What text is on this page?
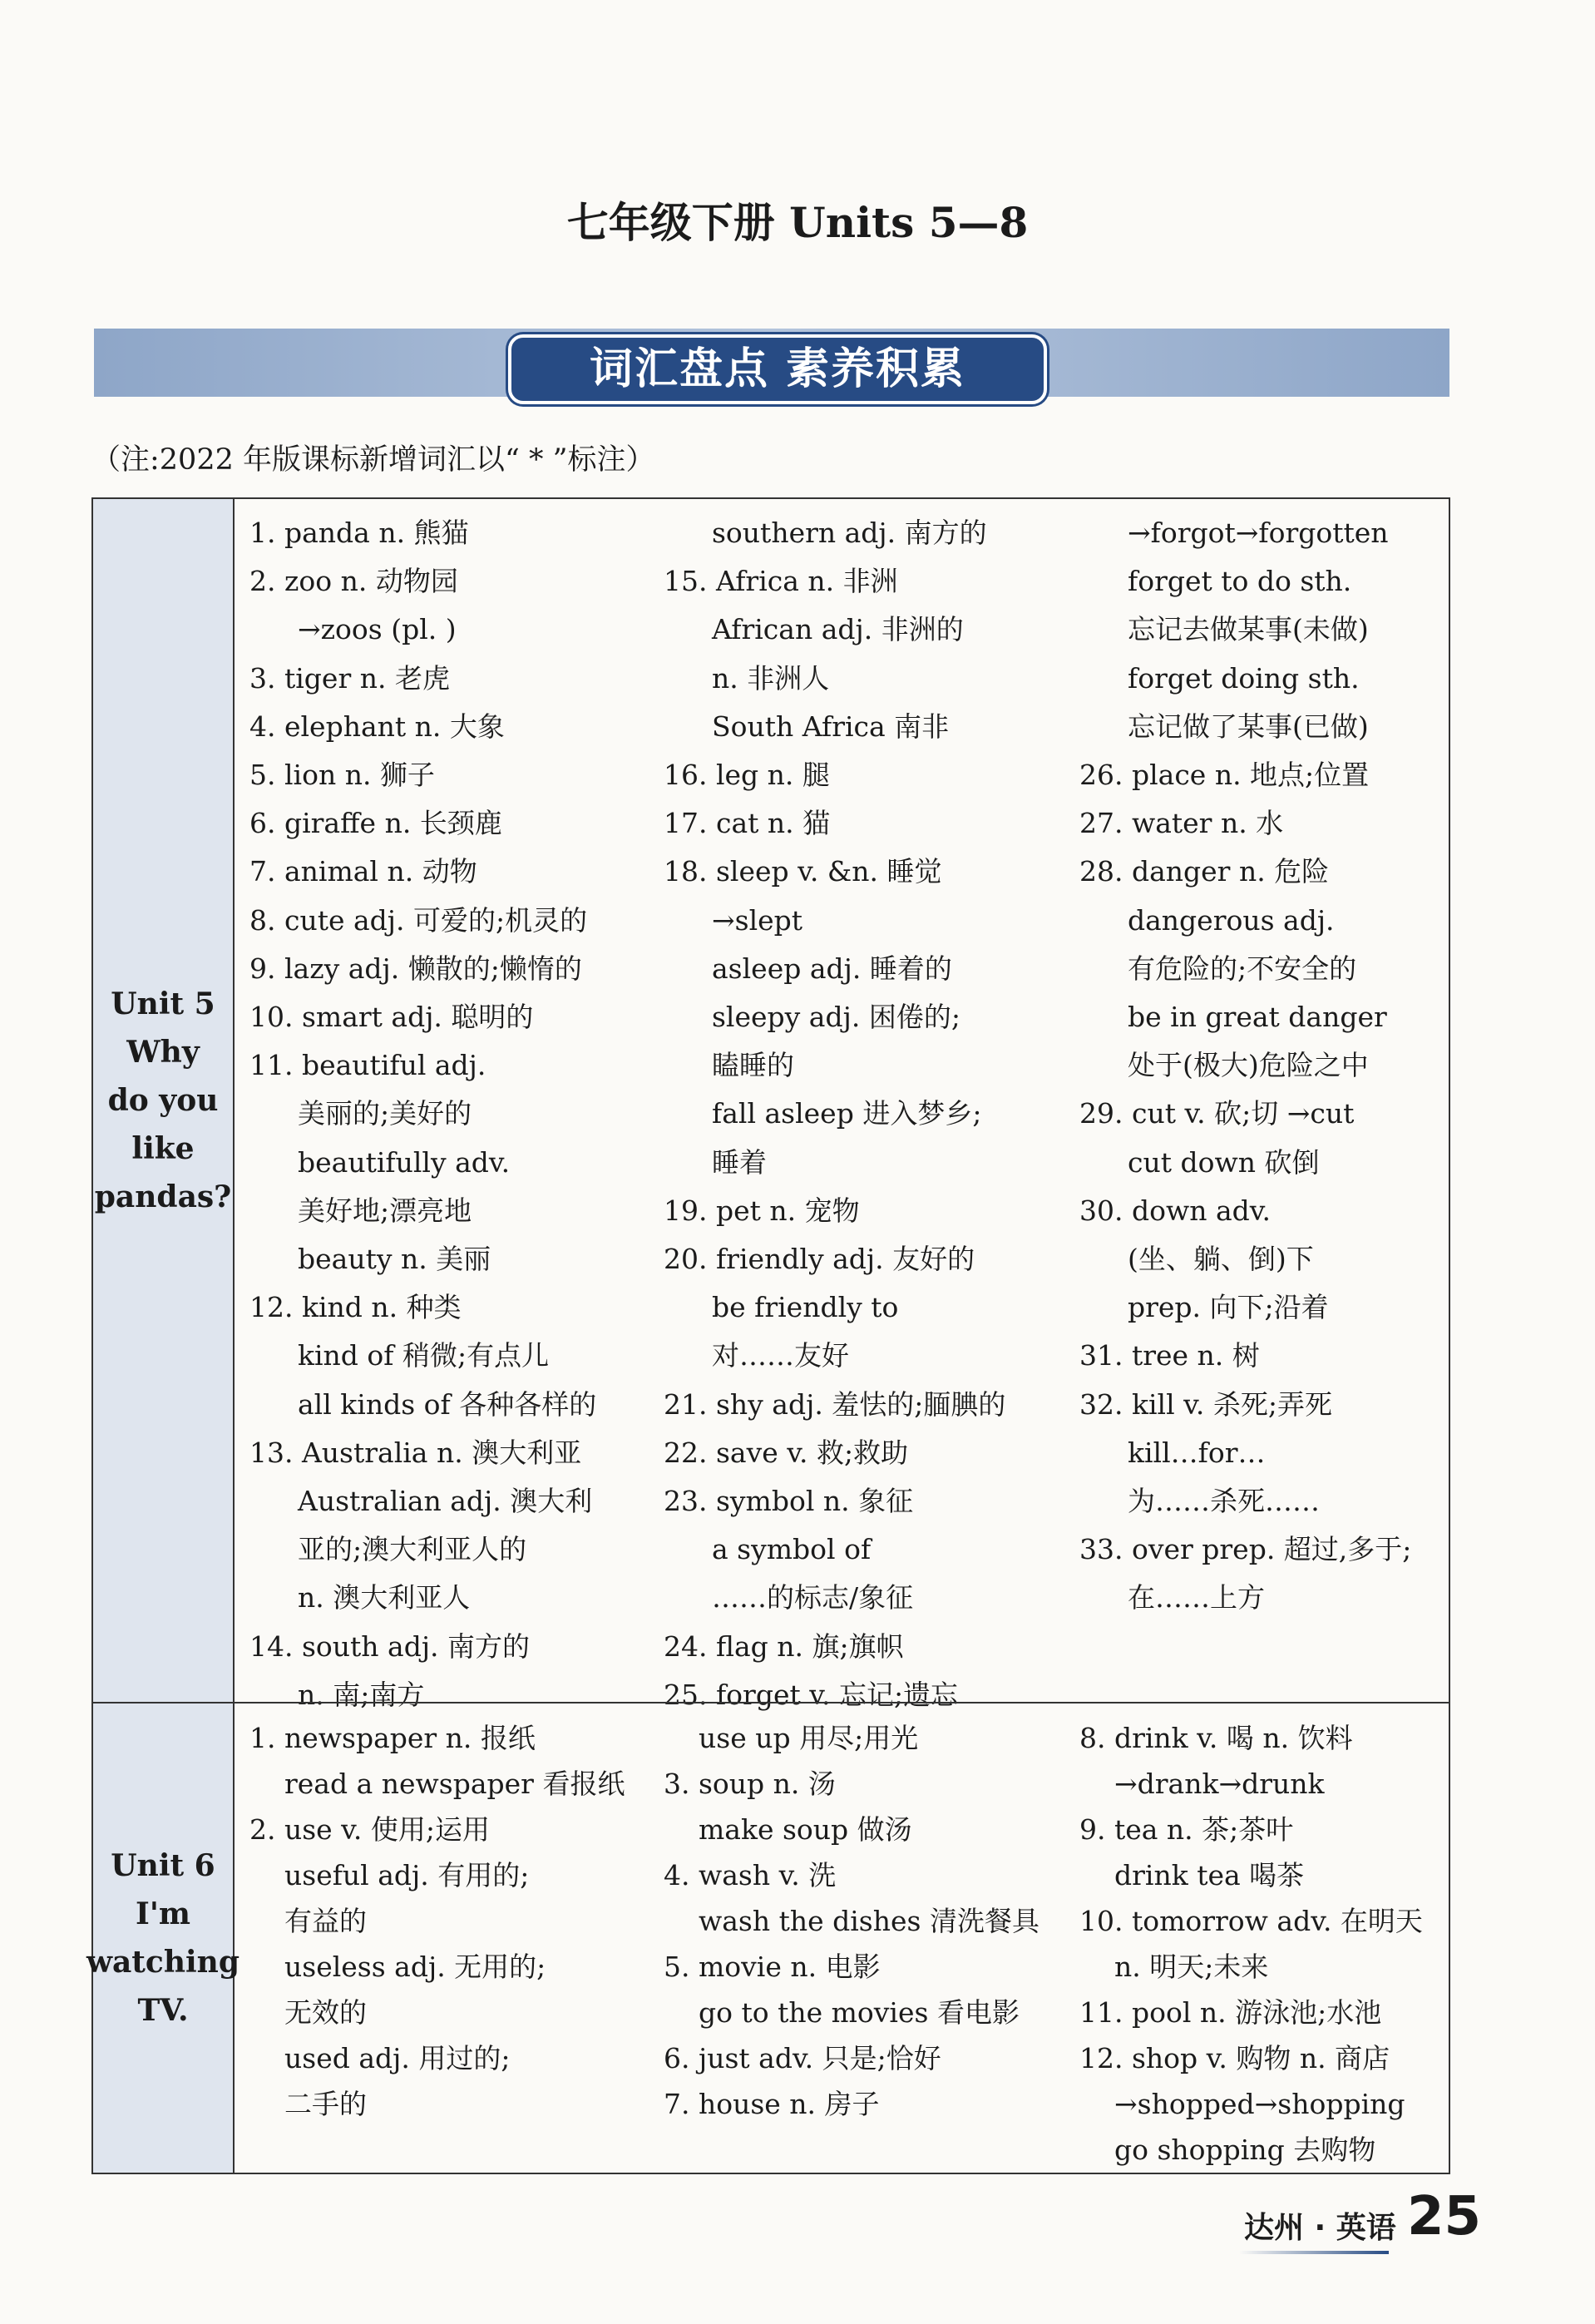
七年级下册 Units 5—8
词汇盘点 素养积累
（注:2022 年版课标新增词汇以“ * ”标注）
Unit 5
Why
do you
like
pandas?
1. panda n. 熊猫
2. zoo n. 动物园
→zoos (pl. )
3. tiger n. 老虎
4. elephant n. 大象
5. lion n. 狮子
6. giraffe n. 长颈鹿
7. animal n. 动物
8. cute adj. 可爱的;机灵的
9. lazy adj. 懒散的;懒惰的
10. smart adj. 聪明的
11. beautiful adj.
美丽的;美好的
beautifully adv.
美好地;漂亮地
beauty n. 美丽
12. kind n. 种类
kind of 稍微;有点儿
all kinds of 各种各样的
13. Australia n. 澳大利亚
Australian adj. 澳大利
亚的;澳大利亚人的
n. 澳大利亚人
14. south adj. 南方的
n. 南;南方
southern adj. 南方的
15. Africa n. 非洲
African adj. 非洲的
n. 非洲人
South Africa 南非
16. leg n. 腿
17. cat n. 猫
18. sleep v. &n. 睡觉
→slept
asleep adj. 睡着的
sleepy adj. 困倦的;
瞌睡的
fall asleep 进入梦乡;
睡着
19. pet n. 宠物
20. friendly adj. 友好的
be friendly to
对……友好
21. shy adj. 羞怯的;腼腆的
22. save v. 救;救助
23. symbol n. 象征
a symbol of
……的标志/象征
24. flag n. 旗;旗帜
25. forget v. 忘记;遗忘
→forgot→forgotten
forget to do sth.
忘记去做某事(未做)
forget doing sth.
忘记做了某事(已做)
26. place n. 地点;位置
27. water n. 水
28. danger n. 危险
dangerous adj.
有危险的;不安全的
be in great danger
处于(极大)危险之中
29. cut v. 砍;切 →cut
cut down 砍倒
30. down adv.
(坐、躺、倒)下
prep. 向下;沿着
31. tree n. 树
32. kill v. 杀死;弄死
kill…for…
为……杀死……
33. over prep. 超过,多于;
在……上方
Unit 6
I'm
watching
TV.
1. newspaper n. 报纸
read a newspaper 看报纸
2. use v. 使用;运用
useful adj. 有用的;
有益的
useless adj. 无用的;
无效的
used adj. 用过的;
二手的
use up 用尽;用光
3. soup n. 汤
make soup 做汤
4. wash v. 洗
wash the dishes 清洗餐具
5. movie n. 电影
go to the movies 看电影
6. just adv. 只是;恰好
7. house n. 房子
8. drink v. 喝 n. 饮料
→drank→drunk
9. tea n. 茶;茶叶
drink tea 喝茶
10. tomorrow adv. 在明天
n. 明天;未来
11. pool n. 游泳池;水池
12. shop v. 购物 n. 商店
→shopped→shopping
go shopping 去购物
达州 · 英语 25
